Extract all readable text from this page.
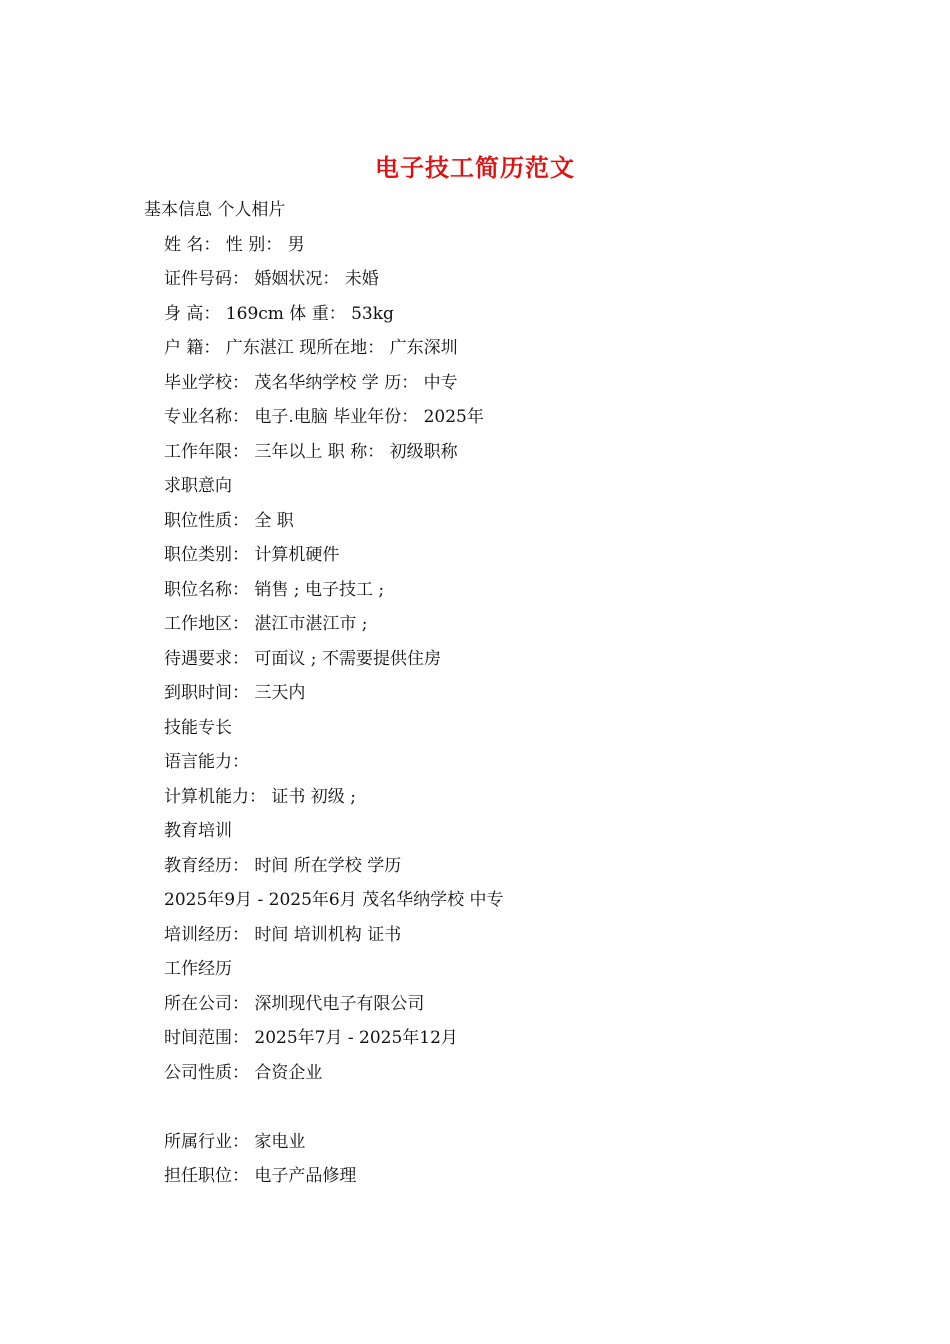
电子技工简历范文
基本信息 个人相片
姓 名： 性 别： 男
证件号码： 婚姻状况： 未婚
身 高： 169cm 体 重： 53kg
户 籍： 广东湛江 现所在地： 广东深圳
毕业学校： 茂名华纳学校 学 历： 中专
专业名称： 电子.电脑 毕业年份： 2025年
工作年限： 三年以上 职 称： 初级职称
求职意向
职位性质： 全 职
职位类别： 计算机硬件
职位名称： 销售 ; 电子技工 ;
工作地区： 湛江市湛江市 ;
待遇要求： 可面议 ; 不需要提供住房
到职时间： 三天内
技能专长
语言能力：
计算机能力： 证书 初级 ;
教育培训
教育经历： 时间 所在学校 学历
2025年9月 - 2025年6月 茂名华纳学校 中专
培训经历： 时间 培训机构 证书
工作经历
所在公司： 深圳现代电子有限公司
时间范围： 2025年7月 - 2025年12月
公司性质： 合资企业
所属行业： 家电业
担任职位： 电子产品修理
